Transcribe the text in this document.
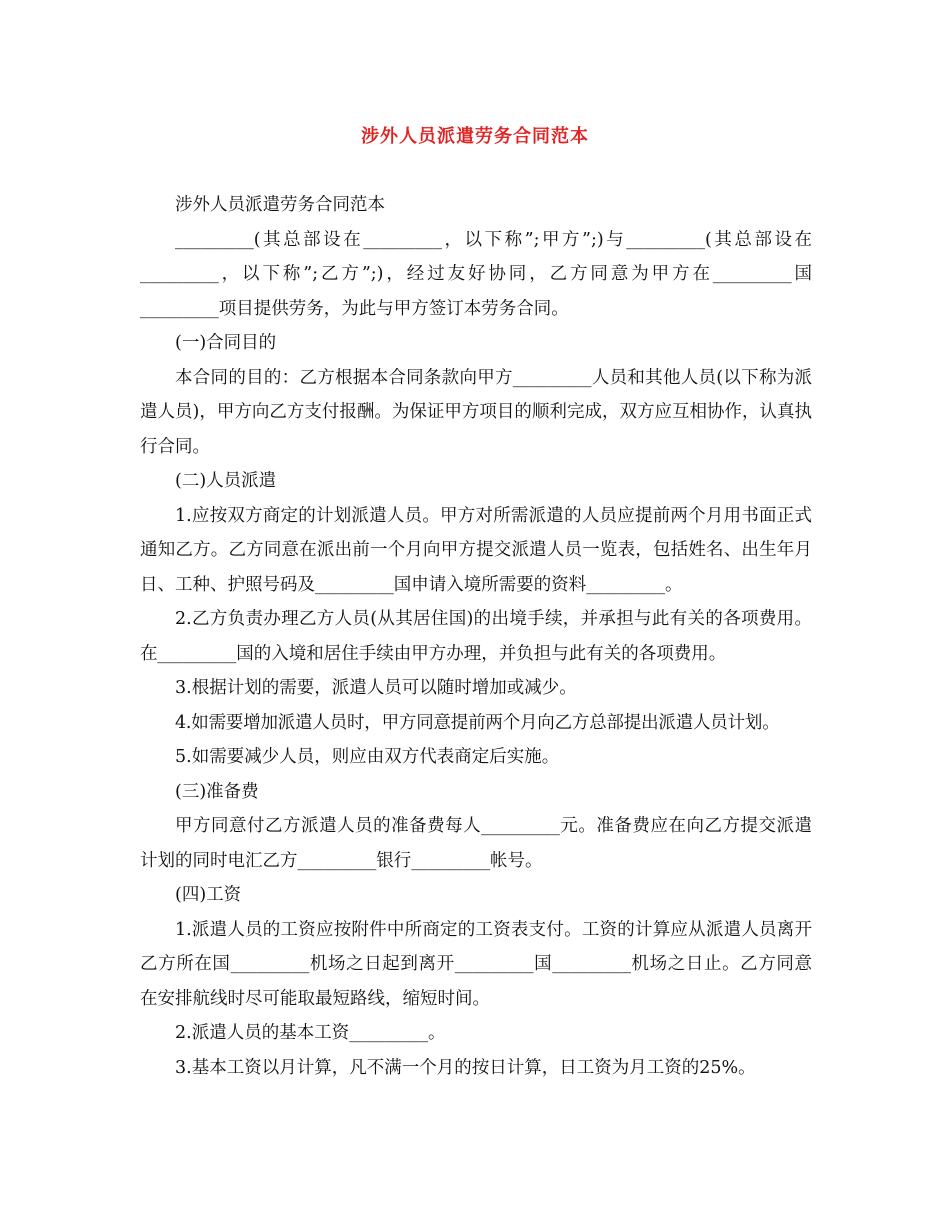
涉外人员派遣劳务合同范本

涉外人员派遣劳务合同范本

_________(其总部设在_________，以下称”;甲方”;)与_________(其总部设在_________，以下称”;乙方”;)，经过友好协同，乙方同意为甲方在_________国_________项目提供劳务，为此与甲方签订本劳务合同。

(一)合同目的

本合同的目的：乙方根据本合同条款向甲方_________人员和其他人员(以下称为派遣人员)，甲方向乙方支付报酬。为保证甲方项目的顺利完成，双方应互相协作，认真执行合同。

(二)人员派遣

1.应按双方商定的计划派遣人员。甲方对所需派遣的人员应提前两个月用书面正式通知乙方。乙方同意在派出前一个月向甲方提交派遣人员一览表，包括姓名、出生年月日、工种、护照号码及_________国申请入境所需要的资料_________。

2.乙方负责办理乙方人员(从其居住国)的出境手续，并承担与此有关的各项费用。在_________国的入境和居住手续由甲方办理，并负担与此有关的各项费用。

3.根据计划的需要，派遣人员可以随时增加或减少。

4.如需要增加派遣人员时，甲方同意提前两个月向乙方总部提出派遣人员计划。

5.如需要减少人员，则应由双方代表商定后实施。

(三)准备费

甲方同意付乙方派遣人员的准备费每人_________元。准备费应在向乙方提交派遣计划的同时电汇乙方_________银行_________帐号。

(四)工资

1.派遣人员的工资应按附件中所商定的工资表支付。工资的计算应从派遣人员离开乙方所在国_________机场之日起到离开_________国_________机场之日止。乙方同意在安排航线时尽可能取最短路线，缩短时间。

2.派遣人员的基本工资_________。

3.基本工资以月计算，凡不满一个月的按日计算，日工资为月工资的25%。
